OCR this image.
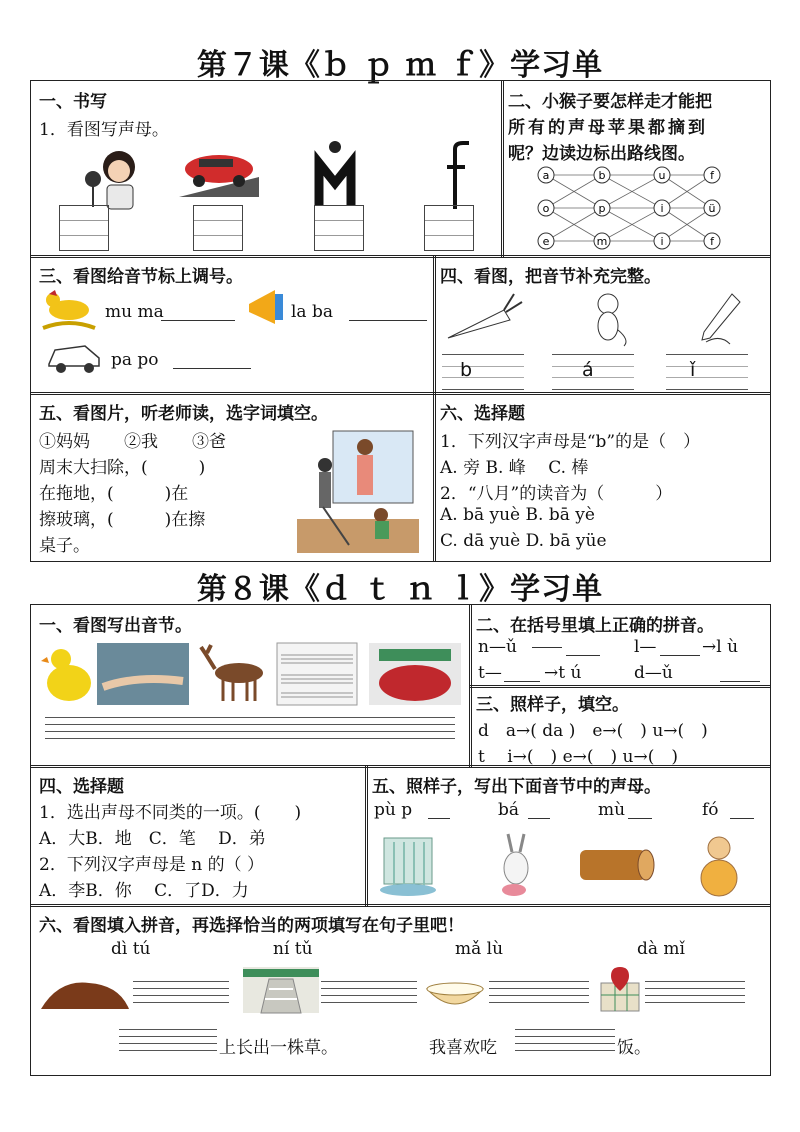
第７课《ｂ ｐ ｍ ｆ》学习单
一、书写
1．看图写声母。
二、小猴子要怎样走才能把
所有的声母苹果都摘到
呢？边读边标出路线图。
a	b	u	f
o	p	i	ü
e	m	i	f
三、看图给音节标上调号。
mu ma	la ba
pa po
四、看图，把音节补充完整。
b	á	ǐ
五、看图片，听老师读，选字词填空。
①妈妈　　②我　　③爸
周末大扫除，(　　　)
在拖地，(　　　)在
擦玻璃，(　　　)在擦
桌子。
六、选择题
1．下列汉字声母是“b”的是（　）
A. 旁 B. 峰　 C. 棒
2．“八月”的读音为（　　　）
A. bā yuè B. bā yè
C. dā yuè D. bā yüe
第８课《ｄ ｔ ｎ ｌ》学习单
一、看图写出音节。	二、在括号里填上正确的拼音。
n—ǔ	l—	→l ù
t— →t ú	d—ǔ
三、照样子，填空。
d　a→( da )　e→(　) u→(　)
t　 i→(　) e→(　) u→(　)
四、选择题
1．选出声母不同类的一项。(　　)
A．大B．地　C．笔　 D．弟
2．下列汉字声母是 n 的（ ）
A．李B．你　 C．了D．力
五、照样子，写出下面音节中的声母。
pù p	bá	mù	fó
六、看图填入拼音，再选择恰当的两项填写在句子里吧！
dì tú	ní tǔ	mǎ lù	dà mǐ
上长出一株草。	我喜欢吃	饭。
